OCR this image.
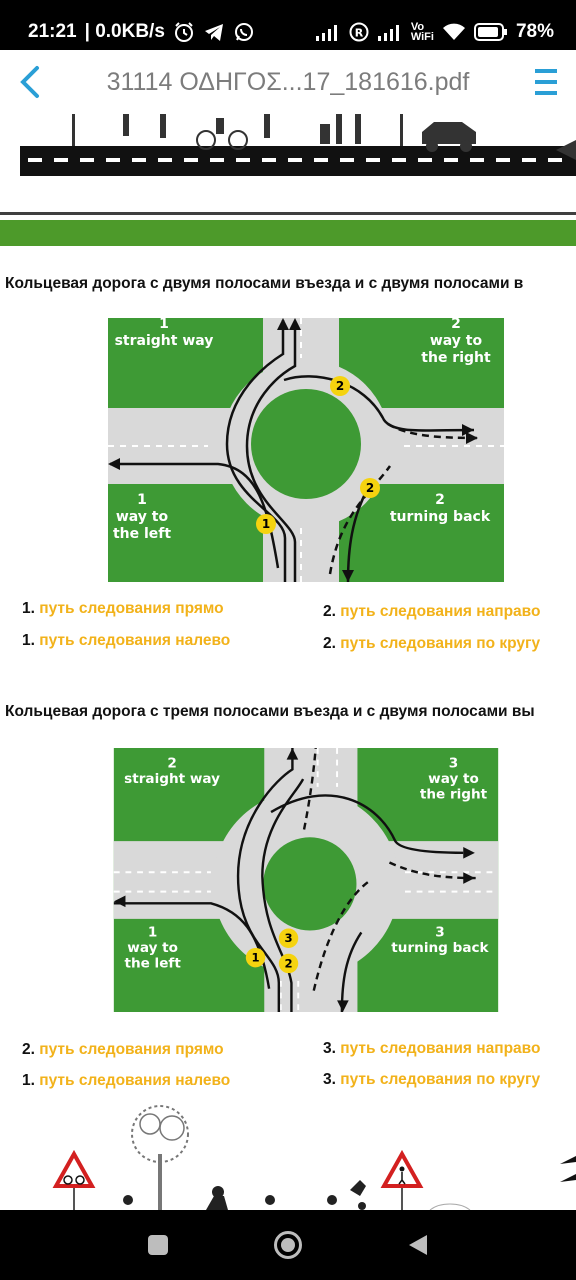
21:21 | 0.0KB/s	R	Vo
WiFi	78%
31114 ΟΔΗΓΟΣ...17_181616.pdf
Кольцевая дорога с двумя полосами въезда и с двумя полосами в
2
2
1
1
straight way
2
way to
the right
1
way to
the left
2
turning back
1. путь следования прямо	2. путь следования направо
1. путь следования налево	2. путь следования по кругу
Кольцевая дорога с тремя полосами въезда и с двумя полосами вы
3
1 2
2
straight way
3
way to
the right
1
way to
the left
3
turning back
2. путь следования прямо	3. путь следования направо
1. путь следования налево	3. путь следования по кругу
